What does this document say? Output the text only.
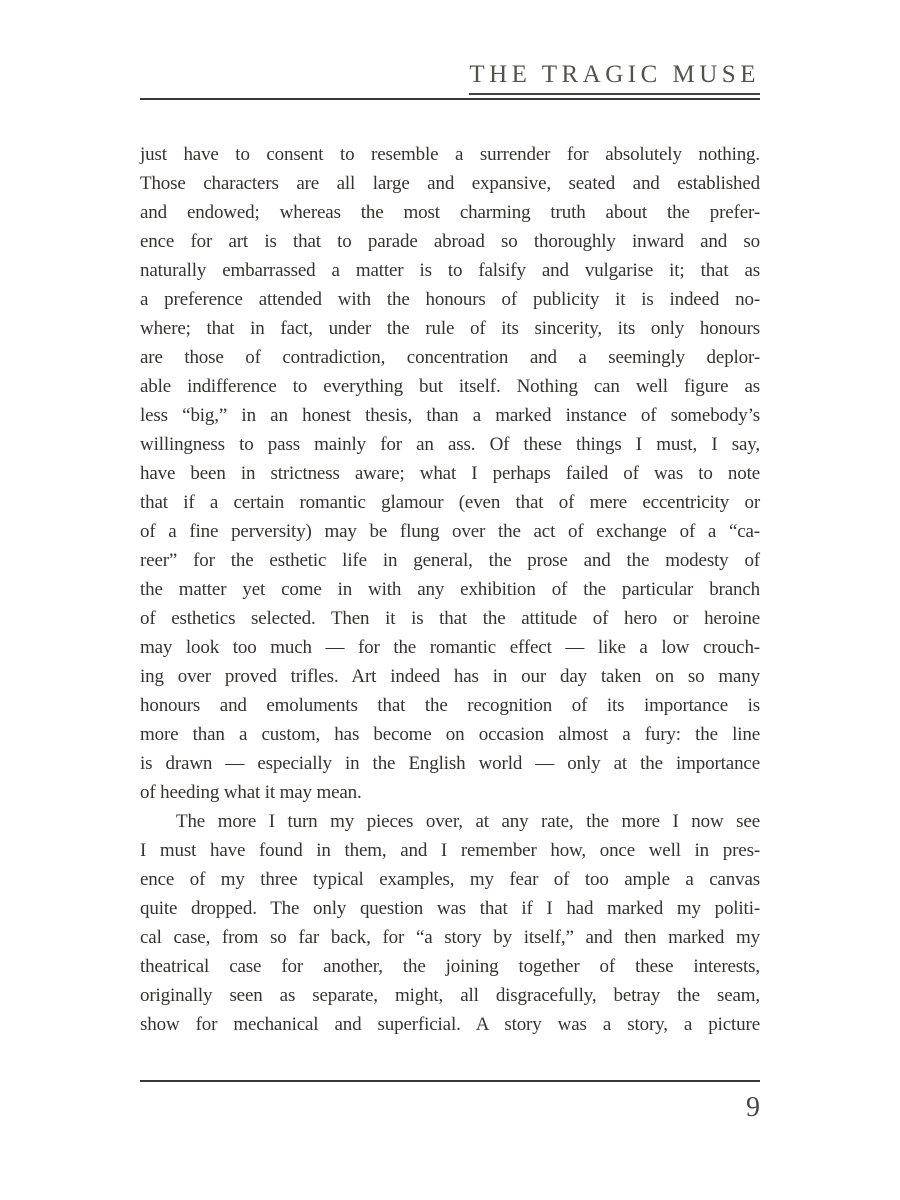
THE TRAGIC MUSE
just have to consent to resemble a surrender for absolutely nothing.
Those characters are all large and expansive, seated and established
and endowed; whereas the most charming truth about the prefer-
ence for art is that to parade abroad so thoroughly inward and so
naturally embarrassed a matter is to falsify and vulgarise it; that as
a preference attended with the honours of publicity it is indeed no-
where; that in fact, under the rule of its sincerity, its only honours
are those of contradiction, concentration and a seemingly deplor-
able indifference to everything but itself. Nothing can well figure as
less “big,” in an honest thesis, than a marked instance of somebody’s
willingness to pass mainly for an ass. Of these things I must, I say,
have been in strictness aware; what I perhaps failed of was to note
that if a certain romantic glamour (even that of mere eccentricity or
of a fine perversity) may be flung over the act of exchange of a “ca-
reer” for the esthetic life in general, the prose and the modesty of
the matter yet come in with any exhibition of the particular branch
of esthetics selected. Then it is that the attitude of hero or heroine
may look too much — for the romantic effect — like a low crouch-
ing over proved trifles. Art indeed has in our day taken on so many
honours and emoluments that the recognition of its importance is
more than a custom, has become on occasion almost a fury: the line
is drawn — especially in the English world — only at the importance
of heeding what it may mean.
The more I turn my pieces over, at any rate, the more I now see
I must have found in them, and I remember how, once well in pres-
ence of my three typical examples, my fear of too ample a canvas
quite dropped. The only question was that if I had marked my politi-
cal case, from so far back, for “a story by itself,” and then marked my
theatrical case for another, the joining together of these interests,
originally seen as separate, might, all disgracefully, betray the seam,
show for mechanical and superficial. A story was a story, a picture
9
